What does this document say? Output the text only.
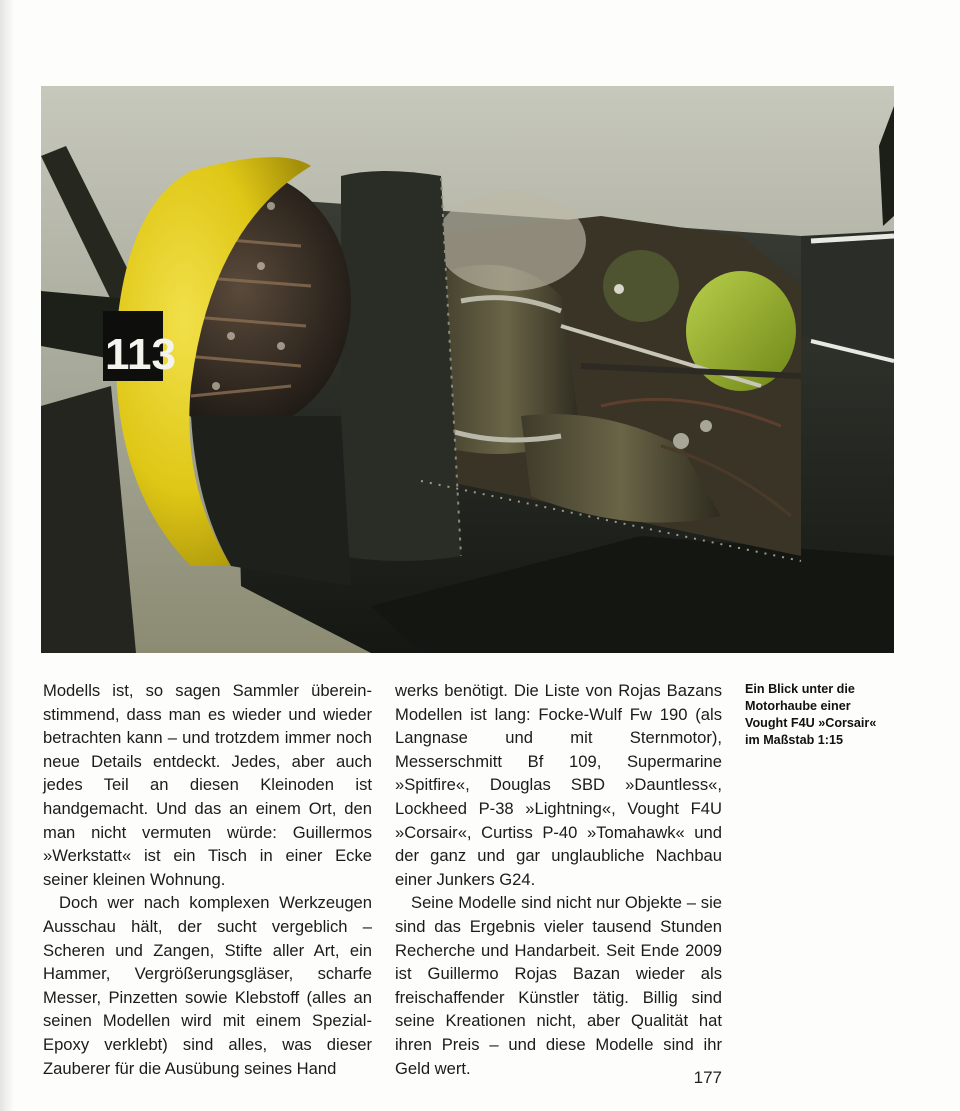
113

Modells ist, so sagen Sammler übereinstimmend, dass man es wieder und wieder betrachten kann – und trotzdem immer noch neue Details entdeckt. Jedes, aber auch jedes Teil an diesen Kleinoden ist handgemacht. Und das an einem Ort, den man nicht vermuten würde: Guillermos »Werkstatt« ist ein Tisch in einer Ecke seiner kleinen Wohnung.

Doch wer nach komplexen Werkzeugen Ausschau hält, der sucht vergeblich – Scheren und Zangen, Stifte aller Art, ein Hammer, Vergrößerungsgläser, scharfe Messer, Pinzetten sowie Klebstoff (alles an seinen Modellen wird mit einem Spezial-Epoxy verklebt) sind alles, was dieser Zauberer für die Ausübung seines Hand

werks benötigt. Die Liste von Rojas Bazans Modellen ist lang: Focke-Wulf Fw 190 (als Langnase und mit Sternmotor), Messerschmitt Bf 109, Supermarine »Spitfire«, Douglas SBD »Dauntless«, Lockheed P-38 »Lightning«, Vought F4U »Corsair«, Curtiss P-40 »Tomahawk« und der ganz und gar unglaubliche Nachbau einer Junkers G24.

Seine Modelle sind nicht nur Objekte – sie sind das Ergebnis vieler tausend Stunden Recherche und Handarbeit. Seit Ende 2009 ist Guillermo Rojas Bazan wieder als freischaffender Künstler tätig. Billig sind seine Kreationen nicht, aber Qualität hat ihren Preis – und diese Modelle sind ihr Geld wert.

Ein Blick unter die Motorhaube einer Vought F4U »Corsair« im Maßstab 1:15
177
